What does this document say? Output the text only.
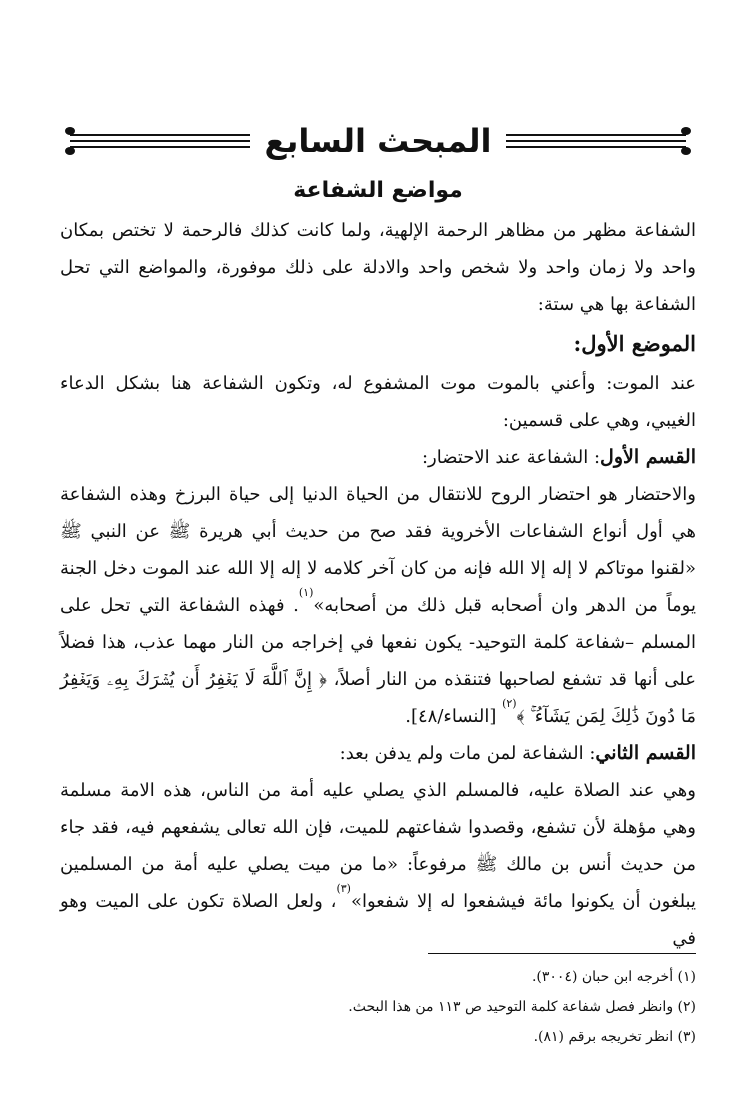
المبحث السابع
مواضع الشفاعة

الشفاعة مظهر من مظاهر الرحمة الإلهية، ولما كانت كذلك فالرحمة لا تختص بمكان واحد ولا زمان واحد ولا شخص واحد والادلة على ذلك موفورة، والمواضع التي تحل الشفاعة بها هي ستة:

الموضع الأول:

عند الموت: وأعني بالموت موت المشفوع له، وتكون الشفاعة هنا بشكل الدعاء الغيبي، وهي على قسمين:

القسم الأول: الشفاعة عند الاحتضار:

والاحتضار هو احتضار الروح للانتقال من الحياة الدنيا إلى حياة البرزخ وهذه الشفاعة هي أول أنواع الشفاعات الأخروية فقد صح من حديث أبي هريرة ﷺ عن النبي ﷺ «لقنوا موتاكم لا إله إلا الله فإنه من كان آخر كلامه لا إله إلا الله عند الموت دخل الجنة يوماً من الدهر وان أصحابه قبل ذلك من أصحابه»$^{(١)}$. فهذه الشفاعة التي تحل على المسلم –شفاعة كلمة التوحيد- يكون نفعها في إخراجه من النار مهما عذب، هذا فضلاً على أنها قد تشفع لصاحبها فتنقذه من النار أصلاً، ﴿ إِنَّ ٱللَّهَ لَا يَغۡفِرُ أَن يُشۡرَكَ بِهِۦ وَيَغۡفِرُ مَا دُونَ ذَٰلِكَ لِمَن يَشَآءُ ۚ ﴾$^{(٢)}$ [النساء/٤٨].

القسم الثاني: الشفاعة لمن مات ولم يدفن بعد:

وهي عند الصلاة عليه، فالمسلم الذي يصلي عليه أمة من الناس، هذه الامة مسلمة وهي مؤهلة لأن تشفع، وقصدوا شفاعتهم للميت، فإن الله تعالى يشفعهم فيه، فقد جاء من حديث أنس بن مالك ﷺ مرفوعاً: «ما من ميت يصلي عليه أمة من المسلمين يبلغون أن يكونوا مائة فيشفعوا له إلا شفعوا»$^{(٣)}$، ولعل الصلاة تكون على الميت وهو في

(١) أخرجه ابن حبان (٣٠٠٤).

(٢) وانظر فصل شفاعة كلمة التوحيد ص ١١٣ من هذا البحث.

(٣) انظر تخريجه برقم (٨١).
